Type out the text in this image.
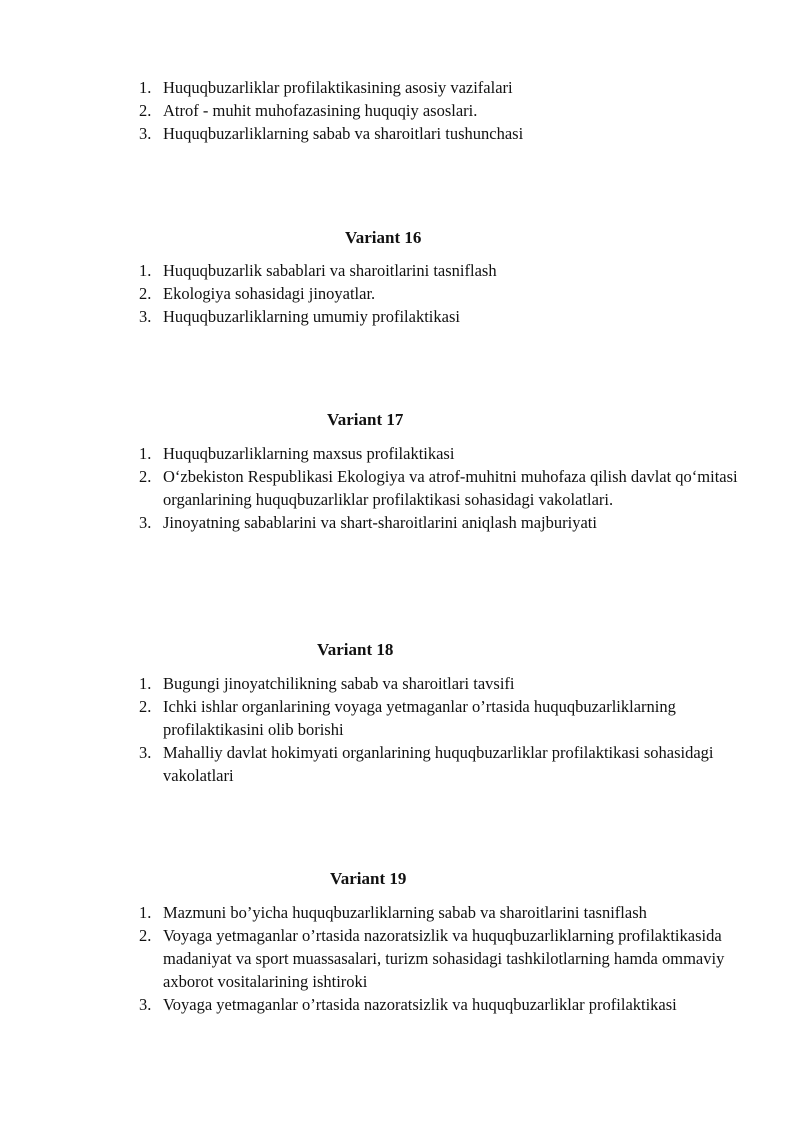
1. Huquqbuzarliklar profilaktikasining asosiy vazifalari
2. Atrof - muhit muhofazasining huquqiy asoslari.
3. Huquqbuzarliklarning sabab va sharoitlari tushunchasi
Variant 16
1. Huquqbuzarlik sabablari va sharoitlarini tasniflash
2. Ekologiya sohasidagi jinoyatlar.
3. Huquqbuzarliklarning umumiy profilaktikasi
Variant 17
1. Huquqbuzarliklarning maxsus profilaktikasi
2. O‘zbekiston Respublikasi Ekologiya va atrof-muhitni muhofaza qilish davlat qo‘mitasi organlarining huquqbuzarliklar profilaktikasi sohasidagi vakolatlari.
3. Jinoyatning sabablarini va shart-sharoitlarini aniqlash majburiyati
Variant 18
1. Bugungi jinoyatchilikning sabab va sharoitlari tavsifi
2. Ichki ishlar organlarining voyaga yetmaganlar o’rtasida huquqbuzarliklarning profilaktikasini olib borishi
3. Mahalliy davlat hokimyati organlarining huquqbuzarliklar profilaktikasi sohasidagi vakolatlari
Variant 19
1. Mazmuni bo’yicha huquqbuzarliklarning sabab va sharoitlarini tasniflash
2. Voyaga yetmaganlar o’rtasida nazoratsizlik va huquqbuzarliklarning profilaktikasida madaniyat va sport muassasalari, turizm sohasidagi tashkilotlarning hamda ommaviy axborot vositalarining ishtiroki
3. Voyaga yetmaganlar o’rtasida nazoratsizlik va huquqbuzarliklar profilaktikasi
